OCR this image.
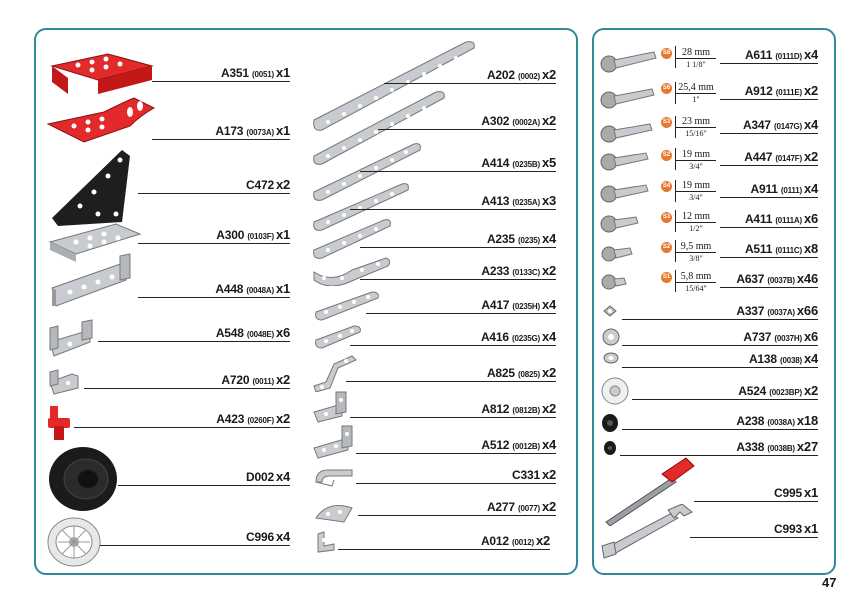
A351 (0051) x1
A173 (0073A) x1
C472 x2
A300 (0103F) x1
A448 (0048A) x1
A548 (0048E) x6
A720 (0011) x2
A423 (0260F) x2
D002 x4
C996 x4
A202 (0002) x2
A302 (0002A) x2
A414 (0235B) x5
A413 (0235A) x3
A235 (0235) x4
A233 (0133C) x2
A417 (0235H) x4
A416 (0235G) x4
A825 (0825) x2
A812 (0812B) x2
A512 (0012B) x4
C331 x2
A277 (0077) x2
A012 (0012) x2
S8	28 mm
1 1/8"
A611 (0111D) x4
S6 25,4 mm
1"
A912 (0111E) x2
S3	23 mm
15/16"
A347 (0147G) x4
S2	19 mm
3/4"
A447 (0147F) x2
S4	19 mm
3/4"
A911 (0111) x4
S3	12 mm
1/2"
A411 (0111A) x6
S2	9,5 mm
3/8"
A511 (0111C) x8
S1	5,8 mm
15/64"
A637 (0037B) x46
A337 (0037A) x66
A737 (0037H) x6
A138 (0038) x4
A524 (0023BP) x2
A238 (0038A) x18
A338 (0038B) x27
C995 x1
C993 x1
47
